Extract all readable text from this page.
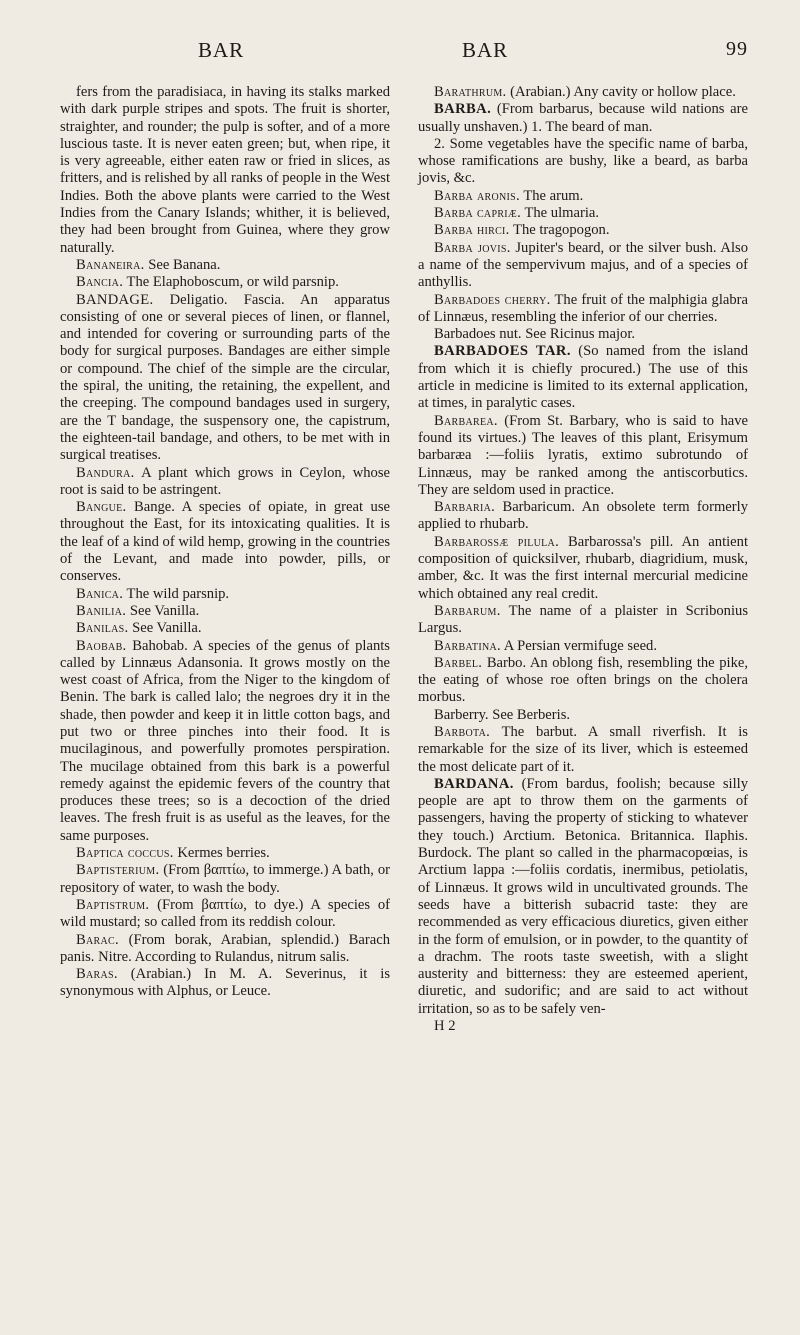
BAR	BAR	99

fers from the paradisiaca, in having its stalks marked with dark purple stripes and spots. The fruit is shorter, straighter, and rounder; the pulp is softer, and of a more luscious taste. It is never eaten green; but, when ripe, it is very agreeable, either eaten raw or fried in slices, as fritters, and is relished by all ranks of people in the West Indies. Both the above plants were carried to the West Indies from the Canary Islands; whither, it is believed, they had been brought from Guinea, where they grow naturally.

Bananeira. See Banana.

Bancia. The Elaphoboscum, or wild parsnip.

BANDAGE. Deligatio. Fascia. An apparatus consisting of one or several pieces of linen, or flannel, and intended for covering or surrounding parts of the body for surgical purposes. Bandages are either simple or compound. The chief of the simple are the circular, the spiral, the uniting, the retaining, the expellent, and the creeping. The compound bandages used in surgery, are the T bandage, the suspensory one, the capistrum, the eighteen-tail bandage, and others, to be met with in surgical treatises.

Bandura. A plant which grows in Ceylon, whose root is said to be astringent.

Bangue. Bange. A species of opiate, in great use throughout the East, for its intoxicating qualities. It is the leaf of a kind of wild hemp, growing in the countries of the Levant, and made into powder, pills, or conserves.

Banica. The wild parsnip.

Banilia. See Vanilla.

Banilas. See Vanilla.

Baobab. Bahobab. A species of the genus of plants called by Linnæus Adansonia. It grows mostly on the west coast of Africa, from the Niger to the kingdom of Benin. The bark is called lalo; the negroes dry it in the shade, then powder and keep it in little cotton bags, and put two or three pinches into their food. It is mucilaginous, and powerfully promotes perspiration. The mucilage obtained from this bark is a powerful remedy against the epidemic fevers of the country that produces these trees; so is a decoction of the dried leaves. The fresh fruit is as useful as the leaves, for the same purposes.

Baptica coccus. Kermes berries.

Baptisterium. (From βαπτίω, to immerge.) A bath, or repository of water, to wash the body.

Baptistrum. (From βαπτίω, to dye.) A species of wild mustard; so called from its reddish colour.

Barac. (From borak, Arabian, splendid.) Barach panis. Nitre. According to Rulandus, nitrum salis.

Baras. (Arabian.) In M. A. Severinus, it is synonymous with Alphus, or Leuce.

Barathrum. (Arabian.) Any cavity or hollow place.

BARBA. (From barbarus, because wild nations are usually unshaven.) 1. The beard of man.

2. Some vegetables have the specific name of barba, whose ramifications are bushy, like a beard, as barba jovis, &c.

Barba aronis. The arum.

Barba capriæ. The ulmaria.

Barba hirci. The tragopogon.

Barba jovis. Jupiter's beard, or the silver bush. Also a name of the sempervivum majus, and of a species of anthyllis.

Barbadoes cherry. The fruit of the malphigia glabra of Linnæus, resembling the inferior of our cherries.

Barbadoes nut. See Ricinus major.

BARBADOES TAR. (So named from the island from which it is chiefly procured.) The use of this article in medicine is limited to its external application, at times, in paralytic cases.

Barbarea. (From St. Barbary, who is said to have found its virtues.) The leaves of this plant, Erisymum barbaræa :—foliis lyratis, extimo subrotundo of Linnæus, may be ranked among the antiscorbutics. They are seldom used in practice.

Barbaria. Barbaricum. An obsolete term formerly applied to rhubarb.

Barbarossæ pilula. Barbarossa's pill. An antient composition of quicksilver, rhubarb, diagridium, musk, amber, &c. It was the first internal mercurial medicine which obtained any real credit.

Barbarum. The name of a plaister in Scribonius Largus.

Barbatina. A Persian vermifuge seed.

Barbel. Barbo. An oblong fish, resembling the pike, the eating of whose roe often brings on the cholera morbus.

Barberry. See Berberis.

Barbota. The barbut. A small riverfish. It is remarkable for the size of its liver, which is esteemed the most delicate part of it.

BARDANA. (From bardus, foolish; because silly people are apt to throw them on the garments of passengers, having the property of sticking to whatever they touch.) Arctium. Betonica. Britannica. Ilaphis. Burdock. The plant so called in the pharmacopœias, is Arctium lappa :—foliis cordatis, inermibus, petiolatis, of Linnæus. It grows wild in uncultivated grounds. The seeds have a bitterish subacrid taste: they are recommended as very efficacious diuretics, given either in the form of emulsion, or in powder, to the quantity of a drachm. The roots taste sweetish, with a slight austerity and bitterness: they are esteemed aperient, diuretic, and sudorific; and are said to act without irritation, so as to be safely ven-

H 2
